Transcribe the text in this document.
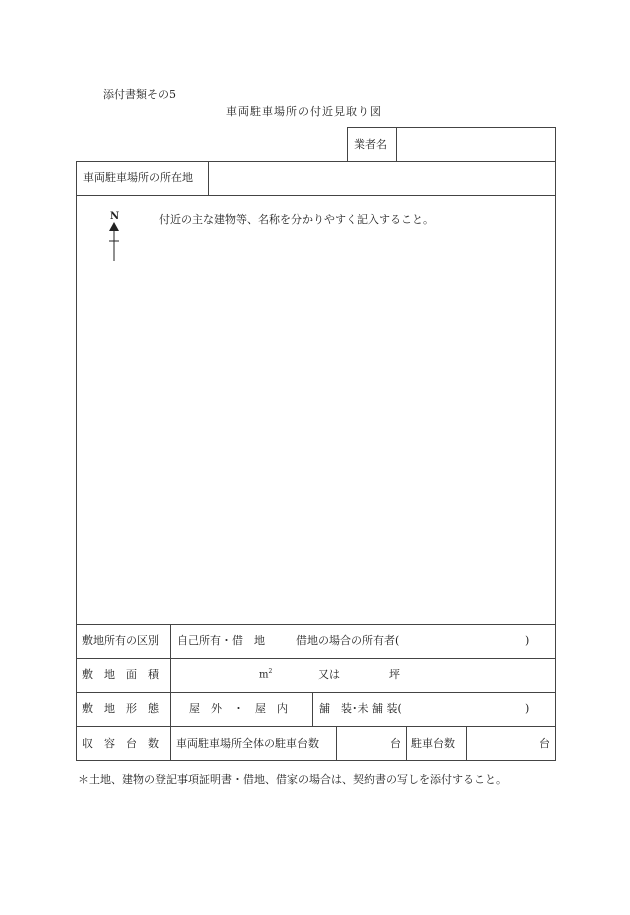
添付書類その5
車両駐車場所の付近見取り図
業者名
車両駐車場所の所在地
N	付近の主な建物等、名称を分かりやすく記入すること。
敷地所有の区別 自己所有・借　地	借地の場合の所有者(	)
敷　地　面　積	$m^2$	又は	坪
敷　地　形　態	屋　外　・　屋　内	舗　装･未 舗 装(	)
収　容　台　数 車両駐車場所全体の駐車台数	台 駐車台数	台
＊土地、建物の登記事項証明書・借地、借家の場合は、契約書の写しを添付すること。
